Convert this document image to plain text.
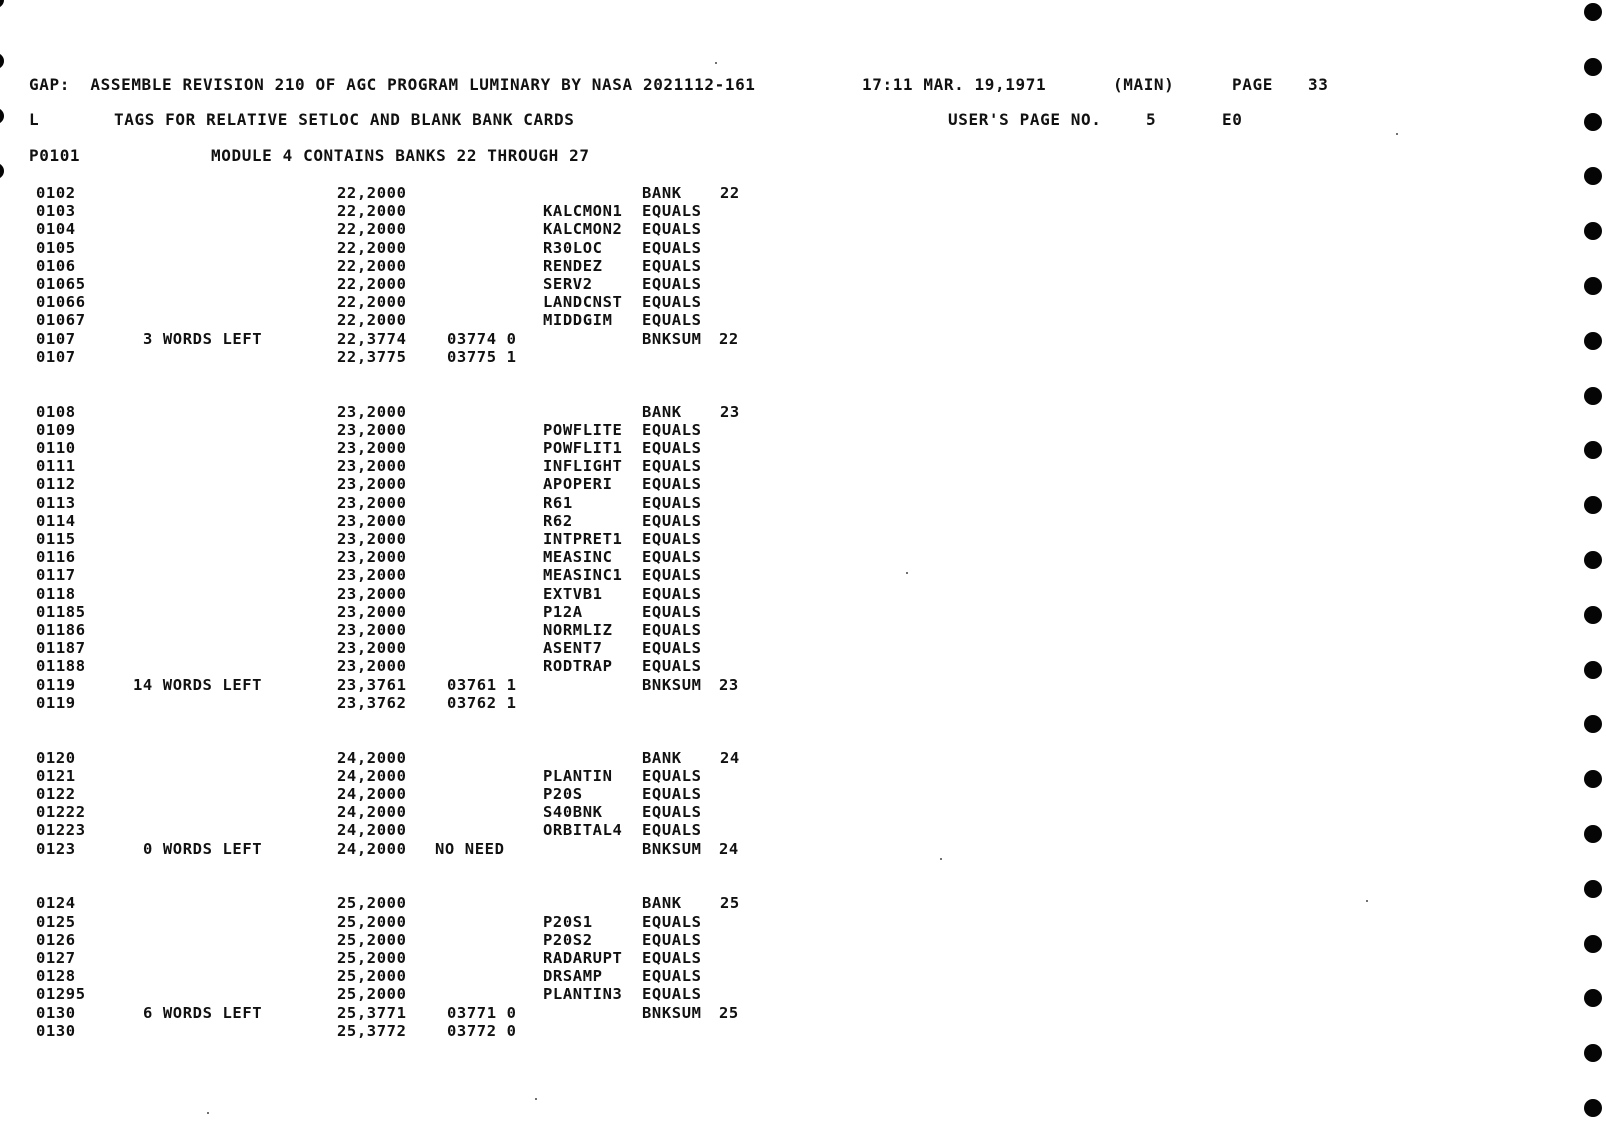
GAP:  ASSEMBLE REVISION 210 OF AGC PROGRAM LUMINARY BY NASA 2021112-161	17:11 MAR. 19,1971	(MAIN)	PAGE 33
L	TAGS FOR RELATIVE SETLOC AND BLANK BANK CARDS	USER'S PAGE NO.	5	E0
P0101	MODULE 4 CONTAINS BANKS 22 THROUGH 27
0102	22,2000	BANK 22
0103	22,2000	KALCMON1 EQUALS
0104	22,2000	KALCMON2 EQUALS
0105	22,2000	R30LOC	EQUALS
0106	22,2000	RENDEZ	EQUALS
01065	22,2000	SERV2	EQUALS
01066	22,2000	LANDCNST EQUALS
01067	22,2000	MIDDGIM EQUALS
0107	3 WORDS LEFT	22,3774	03774 0	BNKSUM 22
0107	22,3775	03775 1
0108	23,2000	BANK 23
0109	23,2000	POWFLITE EQUALS
0110	23,2000	POWFLIT1 EQUALS
0111	23,2000	INFLIGHT EQUALS
0112	23,2000	APOPERI EQUALS
0113	23,2000	R61	EQUALS
0114	23,2000	R62	EQUALS
0115	23,2000	INTPRET1 EQUALS
0116	23,2000	MEASINC EQUALS
0117	23,2000	MEASINC1 EQUALS
0118	23,2000	EXTVB1	EQUALS
01185	23,2000	P12A	EQUALS
01186	23,2000	NORMLIZ EQUALS
01187	23,2000	ASENT7	EQUALS
01188	23,2000	RODTRAP EQUALS
0119	14 WORDS LEFT	23,3761	03761 1	BNKSUM 23
0119	23,3762	03762 1
0120	24,2000	BANK 24
0121	24,2000	PLANTIN EQUALS
0122	24,2000	P20S	EQUALS
01222	24,2000	S40BNK	EQUALS
01223	24,2000	ORBITAL4 EQUALS
0123	0 WORDS LEFT	24,2000 NO NEED	BNKSUM 24
0124	25,2000	BANK 25
0125	25,2000	P20S1	EQUALS
0126	25,2000	P20S2	EQUALS
0127	25,2000	RADARUPT EQUALS
0128	25,2000	DRSAMP	EQUALS
01295	25,2000	PLANTIN3 EQUALS
0130	6 WORDS LEFT	25,3771	03771 0	BNKSUM 25
0130	25,3772	03772 0
